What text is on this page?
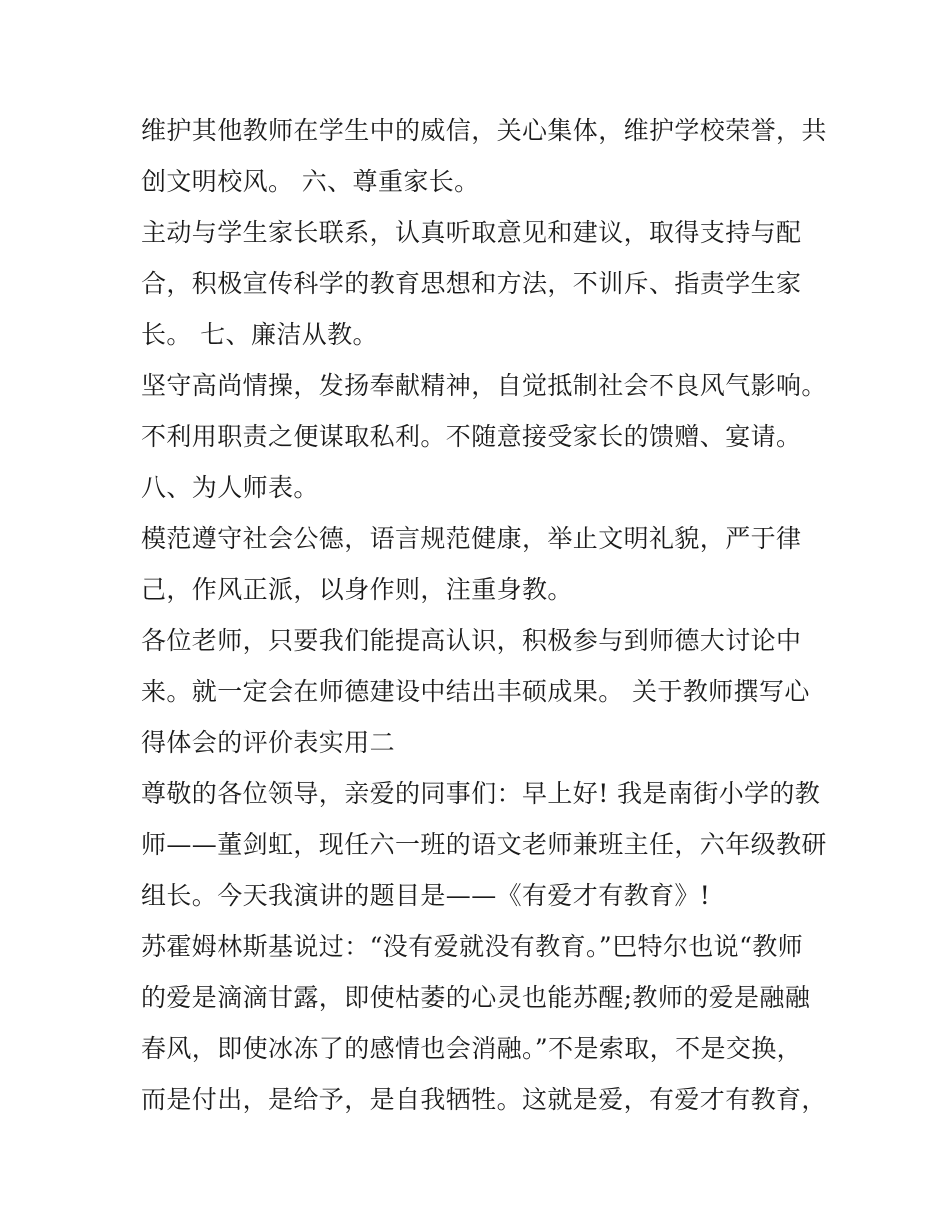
维护其他教师在学生中的威信，关心集体，维护学校荣誉，共
创文明校风。 六、尊重家长。
主动与学生家长联系，认真听取意见和建议，取得支持与配
合，积极宣传科学的教育思想和方法，不训斥、指责学生家
长。 七、廉洁从教。
坚守高尚情操，发扬奉献精神，自觉抵制社会不良风气影响。
不利用职责之便谋取私利。不随意接受家长的馈赠、宴请。
八、为人师表。
模范遵守社会公德，语言规范健康，举止文明礼貌，严于律
己，作风正派，以身作则，注重身教。
各位老师，只要我们能提高认识，积极参与到师德大讨论中
来。就一定会在师德建设中结出丰硕成果。 关于教师撰写心
得体会的评价表实用二
尊敬的各位领导，亲爱的同事们：早上好! 我是南街小学的教
师——董剑虹，现任六一班的语文老师兼班主任，六年级教研
组长。今天我演讲的题目是——《有爱才有教育》!
苏霍姆林斯基说过：“没有爱就没有教育。”巴特尔也说“教师
的爱是滴滴甘露，即使枯萎的心灵也能苏醒;教师的爱是融融
春风，即使冰冻了的感情也会消融。”不是索取，不是交换，
而是付出，是给予，是自我牺牲。这就是爱，有爱才有教育，
